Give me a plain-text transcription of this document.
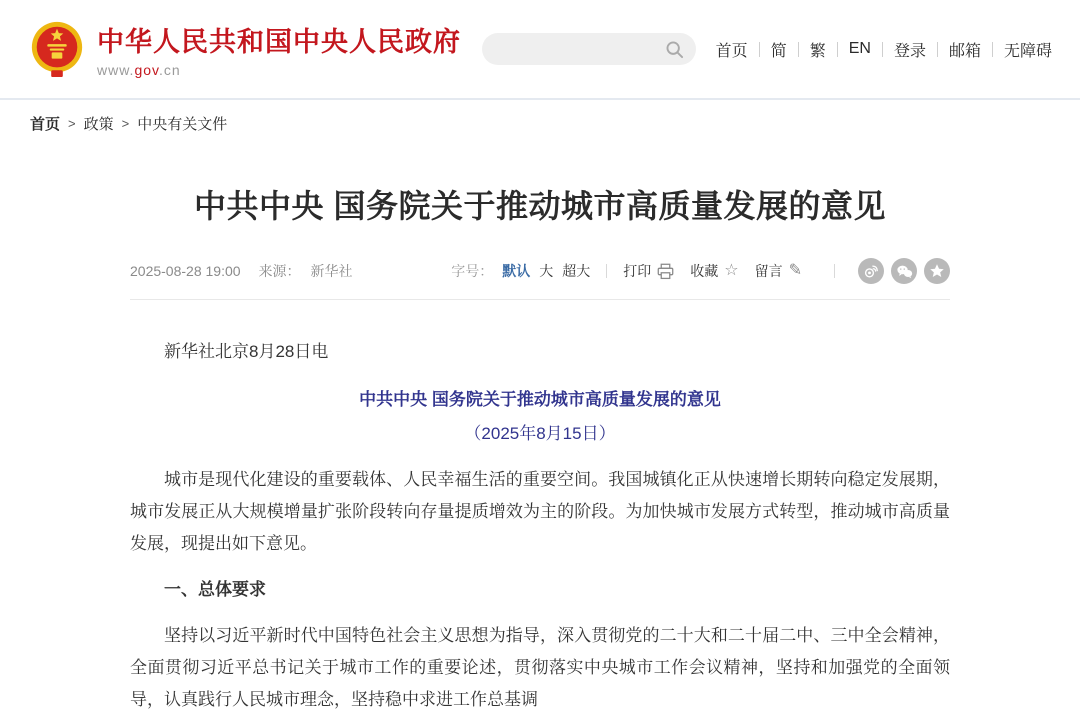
中华人民共和国中央人民政府
www.gov.cn
首页 简 繁 EN 登录 邮箱 无障碍
首页 > 政策 > 中央有关文件
中共中央 国务院关于推动城市高质量发展的意见
2025-08-28 19:00 来源： 新华社	字号： 默认 大 超大 打印	收藏 ☆ 留言 ✎

新华社北京8月28日电

中共中央 国务院关于推动城市高质量发展的意见

（2025年8月15日）

城市是现代化建设的重要载体、人民幸福生活的重要空间。我国城镇化正从快速增长期转向稳定发展期，城市发展正从大规模增量扩张阶段转向存量提质增效为主的阶段。为加快城市发展方式转型，推动城市高质量发展，现提出如下意见。

一、总体要求

坚持以习近平新时代中国特色社会主义思想为指导，深入贯彻党的二十大和二十届二中、三中全会精神，全面贯彻习近平总书记关于城市工作的重要论述，贯彻落实中央城市工作会议精神，坚持和加强党的全面领导，认真践行人民城市理念，坚持稳中求进工作总基调
